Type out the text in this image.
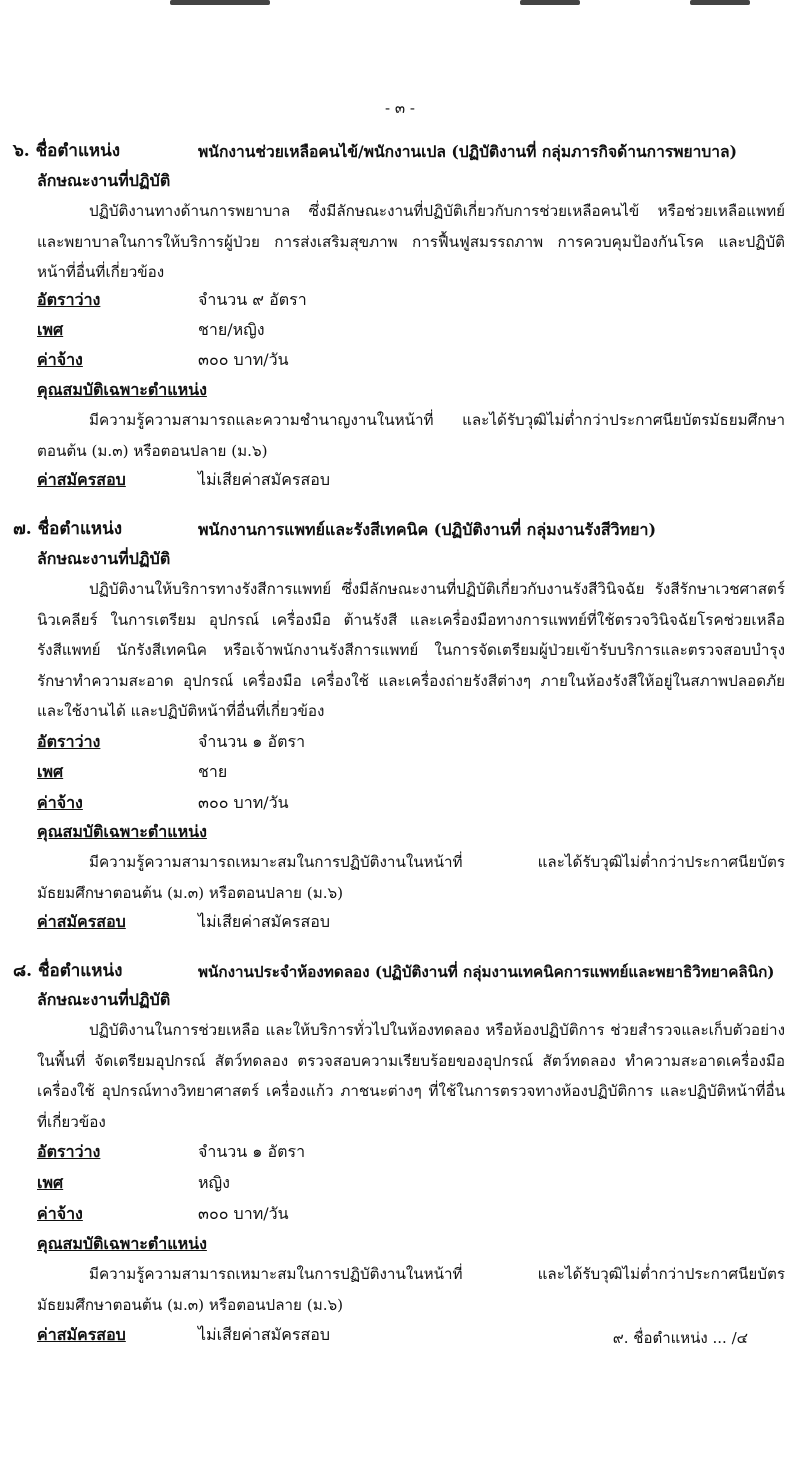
- ๓ -
๖. ชื่อตำแหน่ง	พนักงานช่วยเหลือคนไข้/พนักงานเปล (ปฏิบัติงานที่ กลุ่มภารกิจด้านการพยาบาล)
ลักษณะงานที่ปฏิบัติ
ปฏิบัติงานทางด้านการพยาบาล ซึ่งมีลักษณะงานที่ปฏิบัติเกี่ยวกับการช่วยเหลือคนไข้ หรือช่วยเหลือแพทย์และพยาบาลในการให้บริการผู้ป่วย การส่งเสริมสุขภาพ การฟื้นฟูสมรรถภาพ การควบคุมป้องกันโรค และปฏิบัติหน้าที่อื่นที่เกี่ยวข้อง
อัตราว่าง	จำนวน ๙ อัตรา
เพศ	ชาย/หญิง
ค่าจ้าง	๓๐๐ บาท/วัน
คุณสมบัติเฉพาะตำแหน่ง
มีความรู้ความสามารถและความชำนาญงานในหน้าที่ และได้รับวุฒิไม่ต่ำกว่าประกาศนียบัตรมัธยมศึกษาตอนต้น (ม.๓) หรือตอนปลาย (ม.๖)
ค่าสมัครสอบ	ไม่เสียค่าสมัครสอบ
๗. ชื่อตำแหน่ง	พนักงานการแพทย์และรังสีเทคนิค (ปฏิบัติงานที่ กลุ่มงานรังสีวิทยา)
ลักษณะงานที่ปฏิบัติ
ปฏิบัติงานให้บริการทางรังสีการแพทย์ ซึ่งมีลักษณะงานที่ปฏิบัติเกี่ยวกับงานรังสีวินิจฉัย รังสีรักษาเวชศาสตร์นิวเคลียร์ ในการเตรียม อุปกรณ์ เครื่องมือ ต้านรังสี และเครื่องมือทางการแพทย์ที่ใช้ตรวจวินิจฉัยโรคช่วยเหลือรังสีแพทย์ นักรังสีเทคนิค หรือเจ้าพนักงานรังสีการแพทย์ ในการจัดเตรียมผู้ป่วยเข้ารับบริการและตรวจสอบบำรุงรักษาทำความสะอาด อุปกรณ์ เครื่องมือ เครื่องใช้ และเครื่องถ่ายรังสีต่างๆ ภายในห้องรังสีให้อยู่ในสภาพปลอดภัยและใช้งานได้ และปฏิบัติหน้าที่อื่นที่เกี่ยวข้อง
อัตราว่าง	จำนวน ๑ อัตรา
เพศ	ชาย
ค่าจ้าง	๓๐๐ บาท/วัน
คุณสมบัติเฉพาะตำแหน่ง
มีความรู้ความสามารถเหมาะสมในการปฏิบัติงานในหน้าที่ และได้รับวุฒิไม่ต่ำกว่าประกาศนียบัตรมัธยมศึกษาตอนต้น (ม.๓) หรือตอนปลาย (ม.๖)
ค่าสมัครสอบ	ไม่เสียค่าสมัครสอบ
๘. ชื่อตำแหน่ง	พนักงานประจำห้องทดลอง (ปฏิบัติงานที่ กลุ่มงานเทคนิคการแพทย์และพยาธิวิทยาคลินิก)
ลักษณะงานที่ปฏิบัติ
ปฏิบัติงานในการช่วยเหลือ และให้บริการทั่วไปในห้องทดลอง หรือห้องปฏิบัติการ ช่วยสำรวจและเก็บตัวอย่างในพื้นที่ จัดเตรียมอุปกรณ์ สัตว์ทดลอง ตรวจสอบความเรียบร้อยของอุปกรณ์ สัตว์ทดลอง ทำความสะอาดเครื่องมือเครื่องใช้ อุปกรณ์ทางวิทยาศาสตร์ เครื่องแก้ว ภาชนะต่างๆ ที่ใช้ในการตรวจทางห้องปฏิบัติการ และปฏิบัติหน้าที่อื่นที่เกี่ยวข้อง
อัตราว่าง	จำนวน ๑ อัตรา
เพศ	หญิง
ค่าจ้าง	๓๐๐ บาท/วัน
คุณสมบัติเฉพาะตำแหน่ง
มีความรู้ความสามารถเหมาะสมในการปฏิบัติงานในหน้าที่ และได้รับวุฒิไม่ต่ำกว่าประกาศนียบัตรมัธยมศึกษาตอนต้น (ม.๓) หรือตอนปลาย (ม.๖)
ค่าสมัครสอบ	ไม่เสียค่าสมัครสอบ	๙. ชื่อตำแหน่ง ... /๔
